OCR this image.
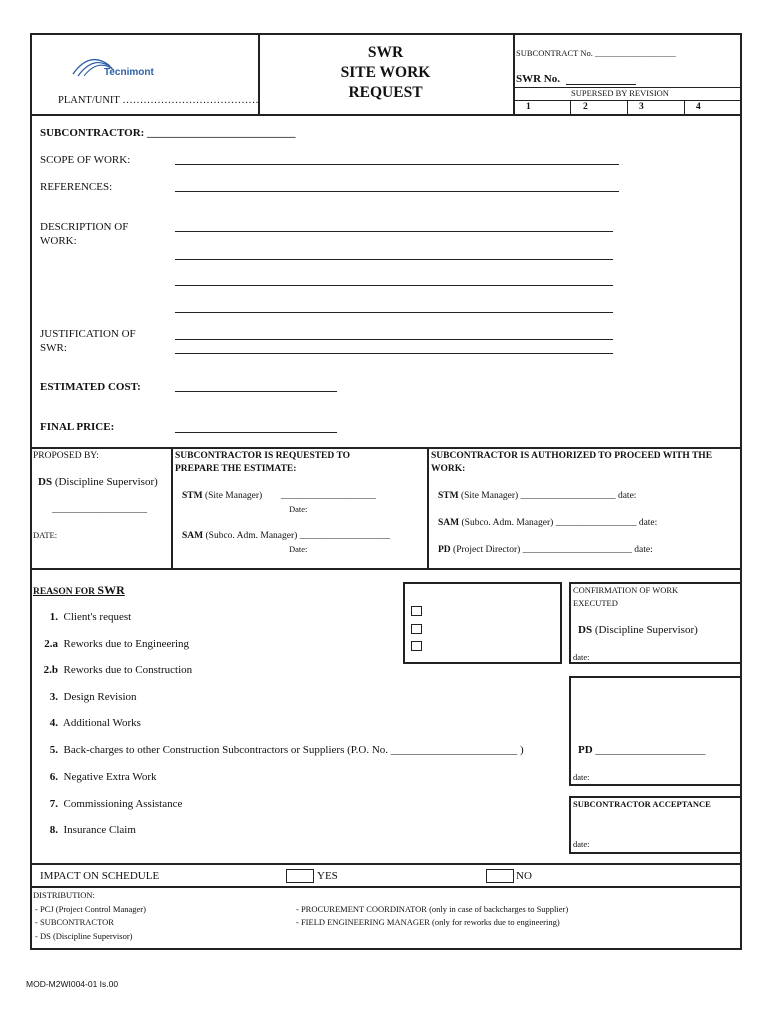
Tecnimont
PLANT/UNIT …………………………………
SWR
SITE WORK
REQUEST
SUBCONTRACT No. ___________________
SWR No.
SUPERSED BY REVISION
1	2	3	4
SUBCONTRACTOR: ___________________________
SCOPE OF WORK:
REFERENCES:
DESCRIPTION OF
WORK:
JUSTIFICATION OF
SWR:
ESTIMATED COST:
FINAL PRICE:
PROPOSED BY:
DS (Discipline Supervisor)
____________________
DATE:
SUBCONTRACTOR IS REQUESTED TO
PREPARE THE ESTIMATE:
STM (Site Manager) ____________________
Date:
SAM (Subco. Adm. Manager) ___________________
Date:
SUBCONTRACTOR IS AUTHORIZED TO PROCEED WITH THE
WORK:
STM (Site Manager) ____________________ date:
SAM (Subco. Adm. Manager) _________________ date:
PD (Project Director) _______________________ date:
REASON FOR SWR
1. Client's request
2.a Reworks due to Engineering
2.b Reworks due to Construction
3. Design Revision
4. Additional Works
5. Back-charges to other Construction Subcontractors or Suppliers (P.O. No. _______________________ )
6. Negative Extra Work
7. Commissioning Assistance
8. Insurance Claim
CONFIRMATION OF WORK
EXECUTED
DS (Discipline Supervisor)
date:
PD ____________________
date:
SUBCONTRACTOR ACCEPTANCE
date:
IMPACT ON SCHEDULE	YES	NO
DISTRIBUTION:
- PCJ (Project Control Manager)
- SUBCONTRACTOR
- DS (Discipline Supervisor)
- PROCUREMENT COORDINATOR (only in case of backcharges to Supplier)
- FIELD ENGINEERING MANAGER (only for reworks due to engineering)
MOD-M2WI004-01 Is.00
